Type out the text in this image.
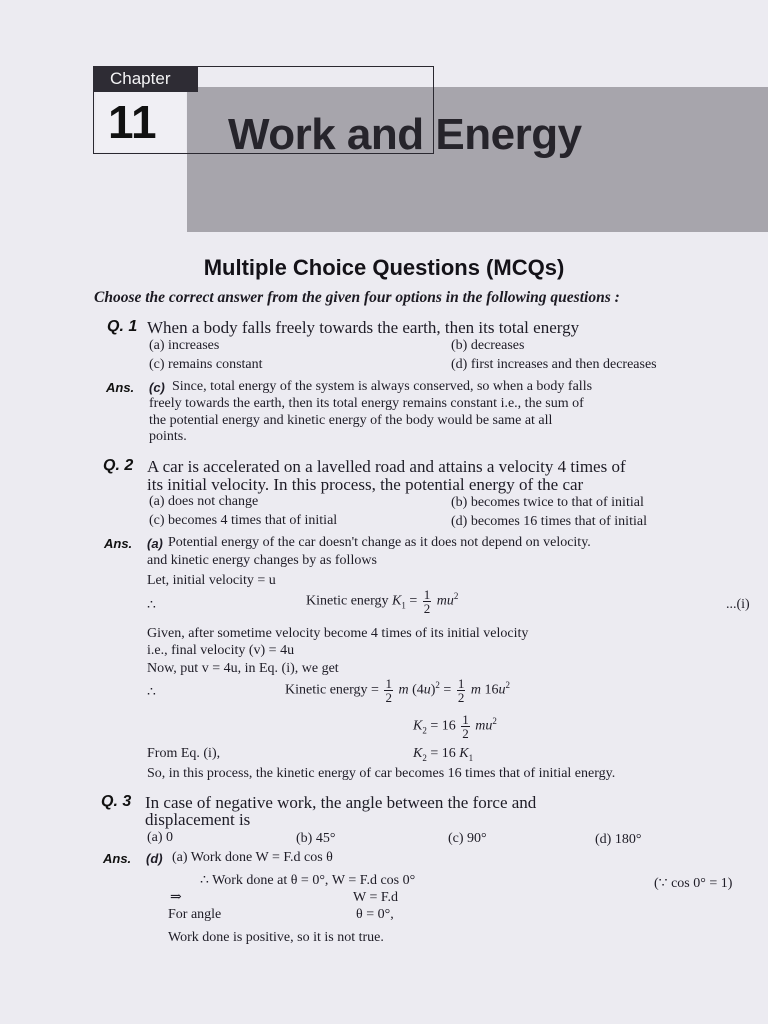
Chapter
11	Work and Energy
Multiple Choice Questions (MCQs)
Choose the correct answer from the given four options in the following questions :
Q. 1 When a body falls freely towards the earth, then its total energy
(a) increases	(b) decreases
(c) remains constant	(d) first increases and then decreases
Ans. (c) Since, total energy of the system is always conserved, so when a body falls
freely towards the earth, then its total energy remains constant i.e., the sum of
the potential energy and kinetic energy of the body would be same at all
points.
Q. 2 A car is accelerated on a lavelled road and attains a velocity 4 times of
its initial velocity. In this process, the potential energy of the car
(a) does not change	(b) becomes twice to that of initial
(c) becomes 4 times that of initial	(d) becomes 16 times that of initial
Ans. (a) Potential energy of the car doesn't change as it does not depend on velocity.
and kinetic energy changes by as follows
Let, initial velocity = u
∴	Kinetic energy $K_1 = \frac{1}{2} mu^2$
...(i)
Given, after sometime velocity become 4 times of its initial velocity
i.e., final velocity (v) = 4u
Now, put v = 4u, in Eq. (i), we get
∴	Kinetic energy = $\frac{1}{2}$ m $(4u)^2 = \frac{1}{2}$ m $16u^2$
$K_2 = 16 \frac{1}{2} mu^2$
From Eq. (i),	$K_2 = 16$ $K_1$
So, in this process, the kinetic energy of car becomes 16 times that of initial energy.
Q. 3 In case of negative work, the angle between the force and
displacement is
(a) 0	(b) 45°	(c) 90°	(d) 180°
Ans. (d) (a) Work done W = F.d cos θ
∴ Work done at θ = 0°, W = F.d cos 0°	(∵ cos 0° = 1)
⇒	W = F.d
For angle	θ = 0°,
Work done is positive, so it is not true.
